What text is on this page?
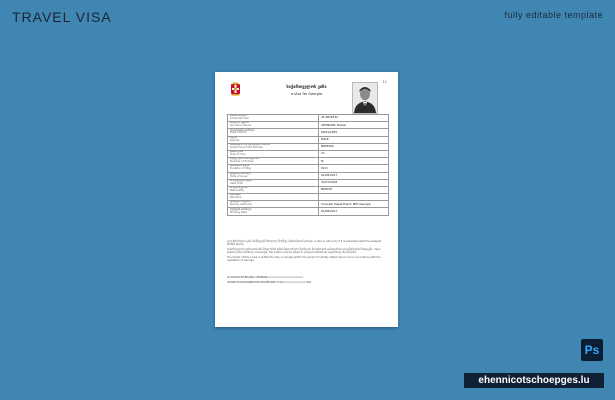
TRAVEL VISA	fully editable template
11
საქართველოს ვიზა
e-Visa for Georgia
ვიზის ნომერი
e-Visa Number	45 9876432

სახელი, გვარი
Surname, Name	ATKINSON, Rowan

დაბადების თარიღი
Date of Birth	06/01/1955

სქესი
Gender	MALE

სამგზავრო დოკუმენტის ნომერი
Travel Document Number	N683400

ვიზის ტიპი
Type of Visa	C1

შესვლების რაოდენობა
Number of Entries	M

დარჩენის ვადა
Duration of Stay	90 D

გაცემის თარიღი
Date of Issue	01/08/2017

მოქმედების ვადა
Valid Until	31/07/2018

მოქალაქეობა
Nationality	BRITISH

შენიშვნა
Remarks	

გამცემი ორგანო
Issuing Authority	Consular Department, MFA Georgia

ბეჭდვის თარიღი
Printing Date	01/08/2017

ელექტრონული ვიზა მოქმედებს მხოლოდ მოქმედ პასპორტთან ერთად. e-Visa is valid only if it is presented with the passport stated above.

საქართველოს ტერიტორიაზე შესვლისას ვიზის მფლობელს შეიძლება მოეთხოვოს დამატებითი დოკუმენტების წარდგენა. Upon entering the territory of Georgia, the holder may be asked to present additional supporting documents.

The holder of this e-Visa is entitled to stay in Georgia within the period of validity stated above and in accordance with the legislation of Georgia.

V<GEOATKINSON<<ROWAN<<<<<<<<<<<<<<<<<<
4598764326GBR5501062M1807316<<<<<<<<<<<<02
Ps
ehennicotschoepges.lu
